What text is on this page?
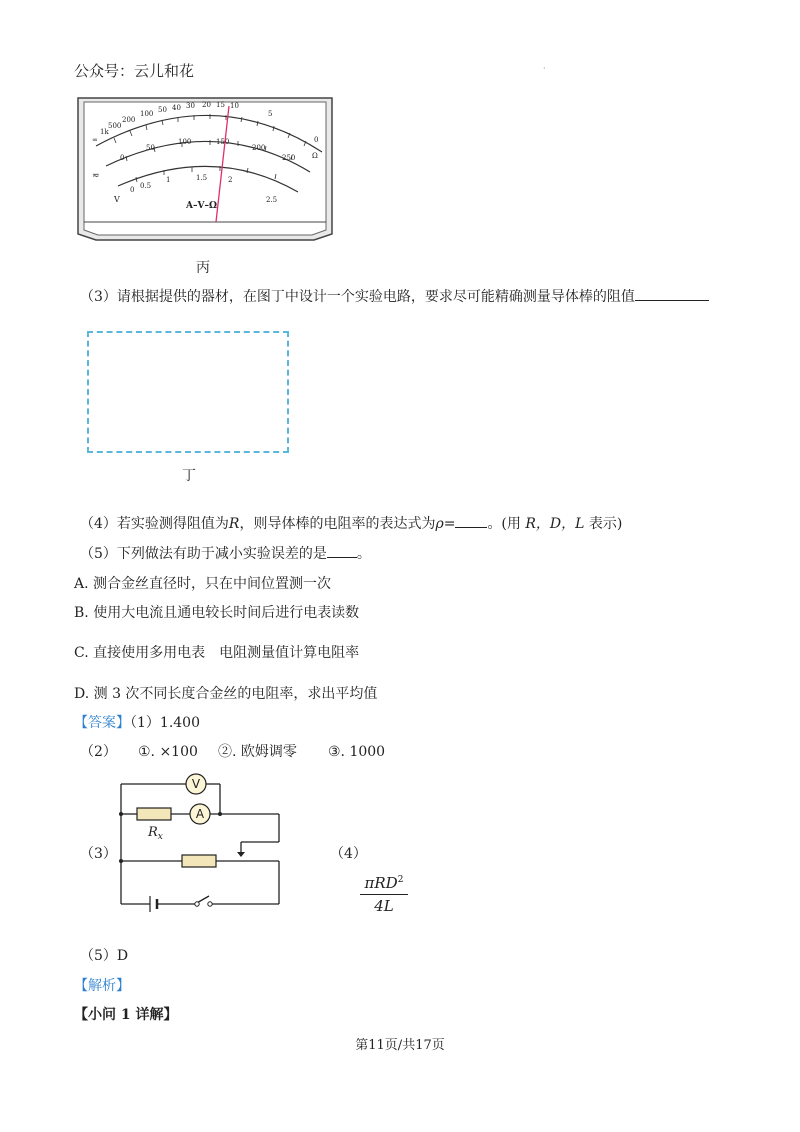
公众号：云儿和花	·
∞
1k
500
200
100 50 40 30 20 15 10
5
0
Ω
0
50
100	150
200
250
0 0.5
1	1.5	2
2.5
≂
V
A–V–Ω
丙
（3）请根据提供的器材，在图丁中设计一个实验电路，要求尽可能精确测量导体棒的阻值
丁
（4）若实验测得阻值为R，则导体棒的电阻率的表达式为ρ= 。(用 R，D，L 表示)
（5）下列做法有助于减小实验误差的是 。
A. 测合金丝直径时，只在中间位置测一次
B. 使用大电流且通电较长时间后进行电表读数
C. 直接使用多用电表　电阻测量值计算电阻率
D. 测 3 次不同长度合金丝的电阻率，求出平均值
【答案】（1）1.400
（2） ①. ×100 ②. 欧姆调零 ③. 1000
（3）
V
A
$R_x$
（4）
πRD$^2$
4L
（5）D
【解析】
【小问 1 详解】
第11页/共17页
